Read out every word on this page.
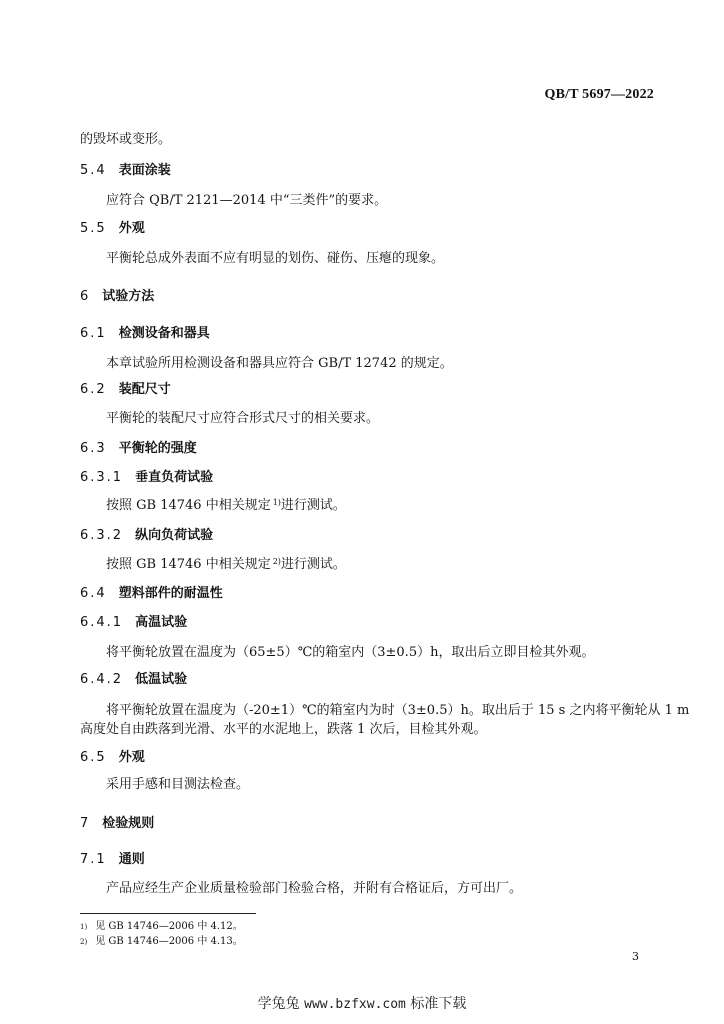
QB/T 5697—2022
的毁坏或变形。
5.4 表面涂装
应符合 QB/T 2121—2014 中“三类件”的要求。
5.5 外观
平衡轮总成外表面不应有明显的划伤、碰伤、压瘪的现象。
6 试验方法
6.1 检测设备和器具
本章试验所用检测设备和器具应符合 GB/T 12742 的规定。
6.2 装配尺寸
平衡轮的装配尺寸应符合形式尺寸的相关要求。
6.3 平衡轮的强度
6.3.1 垂直负荷试验
按照 GB 14746 中相关规定 $^{1)}$进行测试。
6.3.2 纵向负荷试验
按照 GB 14746 中相关规定 $^{2)}$进行测试。
6.4 塑料部件的耐温性
6.4.1 高温试验
将平衡轮放置在温度为（65±5）℃的箱室内（3±0.5）h，取出后立即目检其外观。
6.4.2 低温试验
将平衡轮放置在温度为（-20±1）℃的箱室内为时（3±0.5）h。取出后于 15 s 之内将平衡轮从 1 m
高度处自由跌落到光滑、水平的水泥地上，跌落 1 次后，目检其外观。
6.5 外观
采用手感和目测法检查。
7 检验规则
7.1 通则
产品应经生产企业质量检验部门检验合格，并附有合格证后，方可出厂。
$^{1)}$ 见 GB 14746—2006 中 4.12。
$^{2)}$ 见 GB 14746—2006 中 4.13。
3
学兔兔 www.bzfxw.com 标准下载
